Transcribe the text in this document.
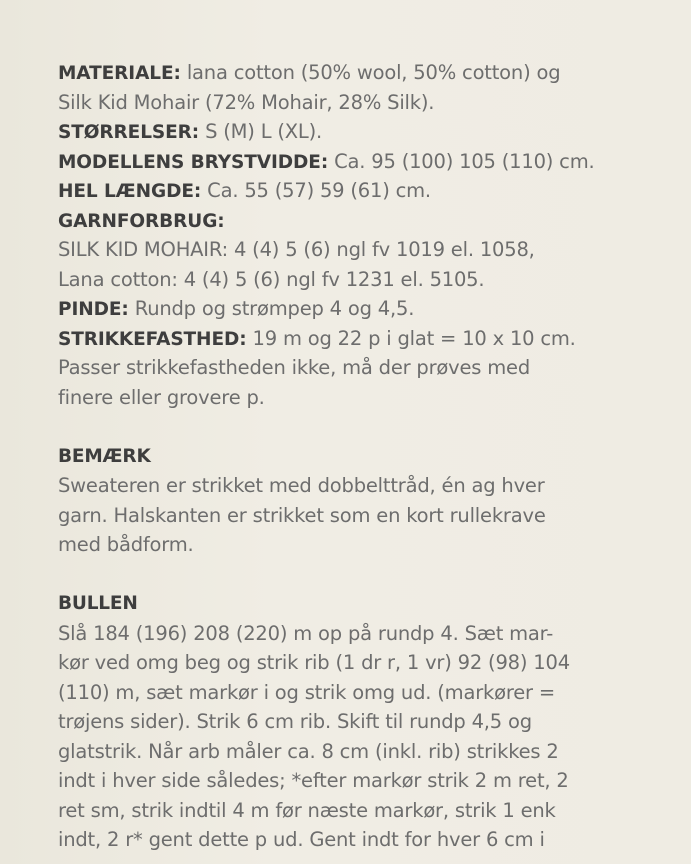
MATERIALE: lana cotton (50% wool, 50% cotton) og
Silk Kid Mohair (72% Mohair, 28% Silk).
STØRRELSER: S (M) L (XL).
MODELLENS BRYSTVIDDE: Ca. 95 (100) 105 (110) cm.
HEL LÆNGDE: Ca. 55 (57) 59 (61) cm.
GARNFORBRUG:
SILK KID MOHAIR: 4 (4) 5 (6) ngl fv 1019 el. 1058,
Lana cotton: 4 (4) 5 (6) ngl fv 1231 el. 5105.
PINDE: Rundp og strømpep 4 og 4,5.
STRIKKEFASTHED: 19 m og 22 p i glat = 10 x 10 cm.
Passer strikkefastheden ikke, må der prøves med
finere eller grovere p.
BEMÆRK
Sweateren er strikket med dobbelttråd, én ag hver
garn. Halskanten er strikket som en kort rullekrave
med bådform.
BULLEN
Slå 184 (196) 208 (220) m op på rundp 4. Sæt mar-
kør ved omg beg og strik rib (1 dr r, 1 vr) 92 (98) 104
(110) m, sæt markør i og strik omg ud. (markører =
trøjens sider). Strik 6 cm rib. Skift til rundp 4,5 og
glatstrik. Når arb måler ca. 8 cm (inkl. rib) strikkes 2
indt i hver side således; *efter markør strik 2 m ret, 2
ret sm, strik indtil 4 m før næste markør, strik 1 enk
indt, 2 r* gent dette p ud. Gent indt for hver 6 cm i
